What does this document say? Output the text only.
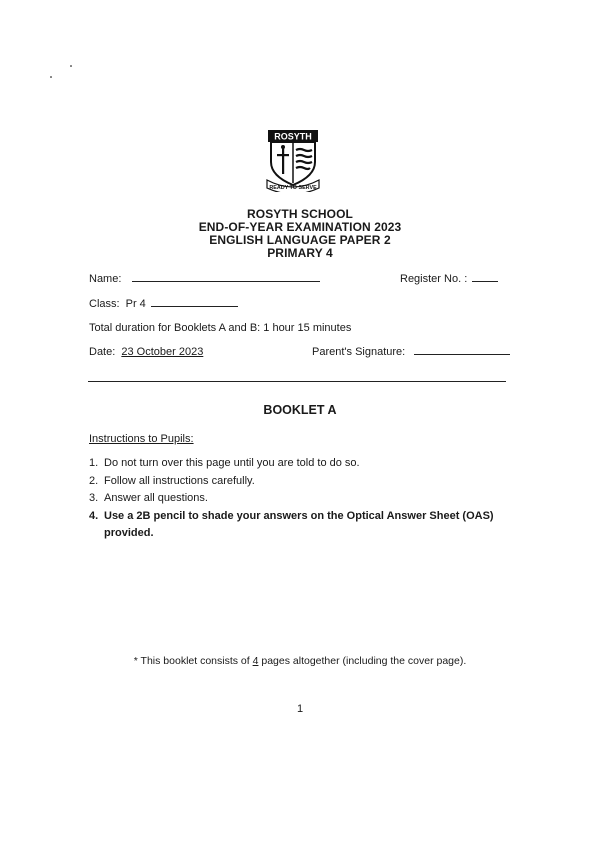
ROSYTH
READY TO SERVE
ROSYTH SCHOOL
END-OF-YEAR EXAMINATION 2023
ENGLISH LANGUAGE PAPER 2
PRIMARY 4
Name:	Register No. :
Class: Pr 4
Total duration for Booklets A and B: 1 hour 15 minutes
Date: 23 October 2023	Parent's Signature:
BOOKLET A
Instructions to Pupils:
1. Do not turn over this page until you are told to do so.
2. Follow all instructions carefully.
3. Answer all questions.
4. Use a 2B pencil to shade your answers on the Optical Answer Sheet (OAS) provided.
* This booklet consists of 4 pages altogether (including the cover page).
1
